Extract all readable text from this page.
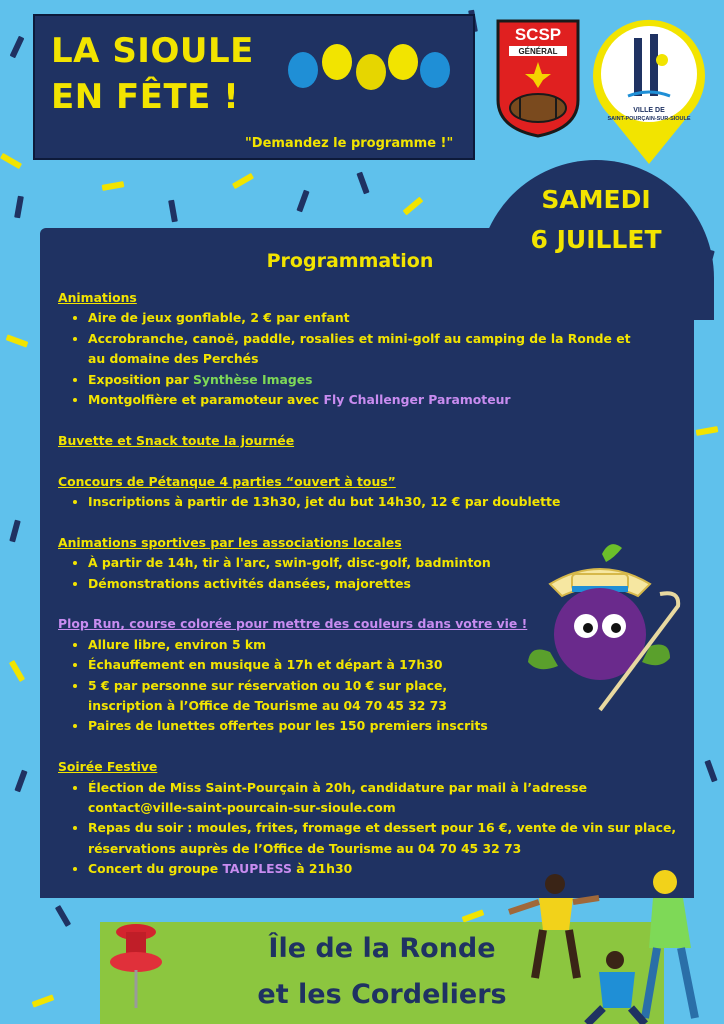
LA SIOULE
EN FÊTE !
"Demandez le programme !"
SCSP
GÉNÉRAL
VILLE DE
SAINT-POURÇAIN-SUR-SIOULE
SAMEDI
6 JUILLET
Programmation

Animations

• Aire de jeux gonflable, 2 € par enfant
• Accrobranche, canoë, paddle, rosalies et mini-golf au camping de la Ronde et au domaine des Perchés
• Exposition par Synthèse Images
• Montgolfière et paramoteur avec Fly Challenger Paramoteur

Buvette et Snack toute la journée

Concours de Pétanque 4 parties “ouvert à tous”

• Inscriptions à partir de 13h30, jet du but 14h30, 12 € par doublette

Animations sportives par les associations locales

• À partir de 14h, tir à l'arc, swin-golf, disc-golf, badminton
• Démonstrations activités dansées, majorettes

Plop Run, course colorée pour mettre des couleurs dans votre vie !

• Allure libre, environ 5 km
• Échauffement en musique à 17h et départ à 17h30
• 5 € par personne sur réservation ou 10 € sur place, inscription à l’Office de Tourisme au 04 70 45 32 73
• Paires de lunettes offertes pour les 150 premiers inscrits

Soirée Festive

• Élection de Miss Saint-Pourçain à 20h, candidature par mail à l’adresse contact@ville-saint-pourcain-sur-sioule.com
• Repas du soir : moules, frites, fromage et dessert pour 16 €, vente de vin sur place, réservations auprès de l’Office de Tourisme au 04 70 45 32 73
• Concert du groupe TAUPLESS à 21h30
Île de la Ronde
et les Cordeliers
